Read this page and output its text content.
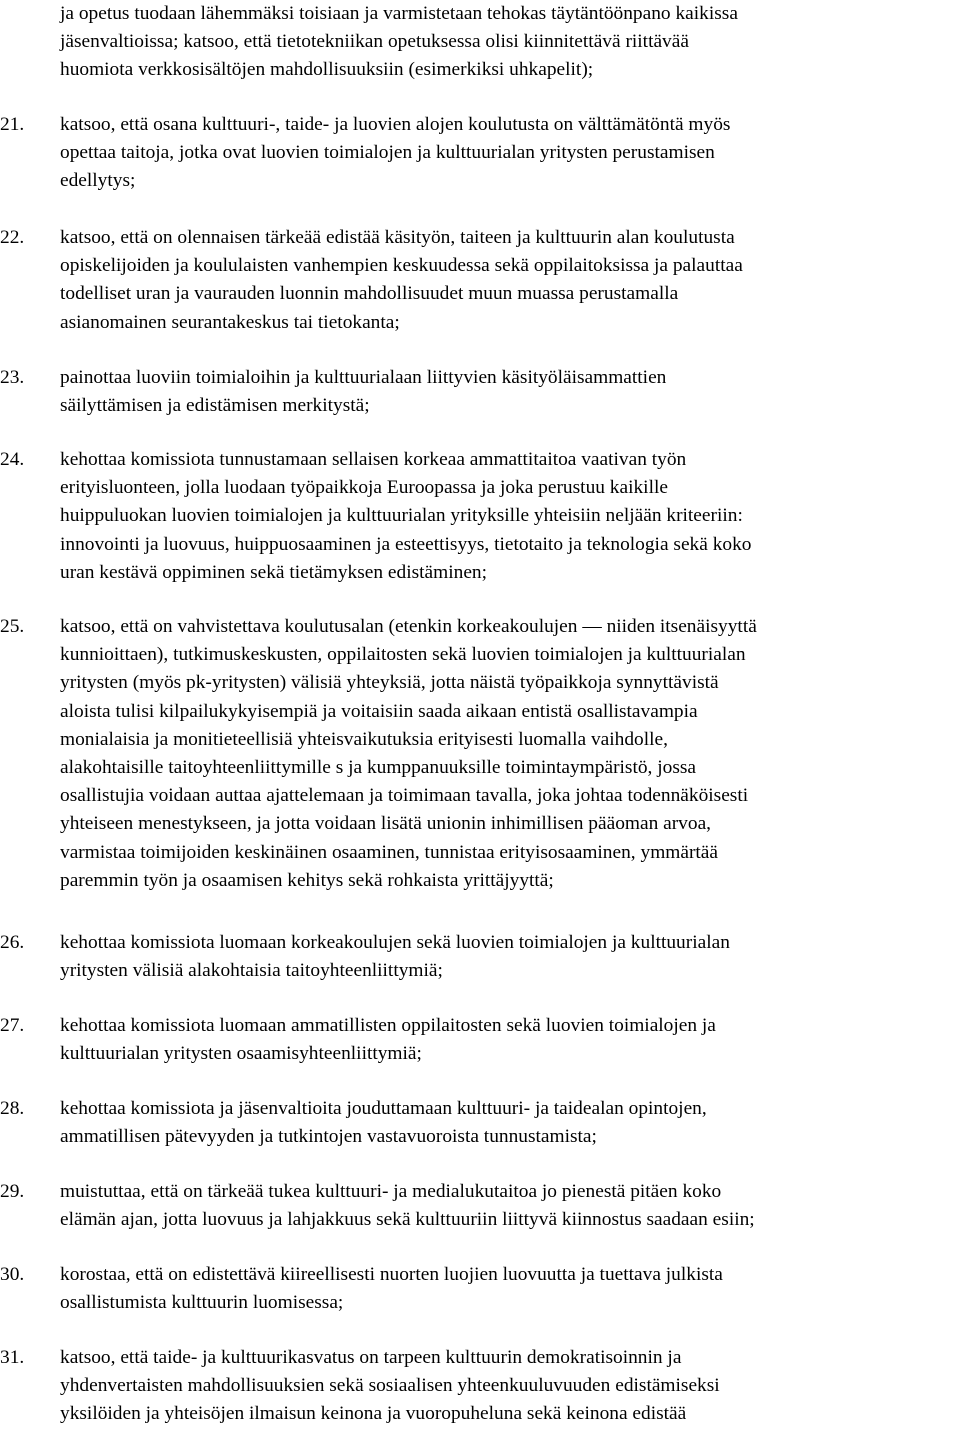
ja opetus tuodaan lähemmäksi toisiaan ja varmistetaan tehokas täytäntöönpano kaikissa
jäsenvaltioissa; katsoo, että tietotekniikan opetuksessa olisi kiinnitettävä riittävää
huomiota verkkosisältöjen mahdollisuuksiin (esimerkiksi uhkapelit);
21.	katsoo, että osana kulttuuri-, taide- ja luovien alojen koulutusta on välttämätöntä myös
opettaa taitoja, jotka ovat luovien toimialojen ja kulttuurialan yritysten perustamisen
edellytys;
22.	katsoo, että on olennaisen tärkeää edistää käsityön, taiteen ja kulttuurin alan koulutusta
opiskelijoiden ja koululaisten vanhempien keskuudessa sekä oppilaitoksissa ja palauttaa
todelliset uran ja vaurauden luonnin mahdollisuudet muun muassa perustamalla
asianomainen seurantakeskus tai tietokanta;
23.	painottaa luoviin toimialoihin ja kulttuurialaan liittyvien käsityöläisammattien
säilyttämisen ja edistämisen merkitystä;
24.	kehottaa komissiota tunnustamaan sellaisen korkeaa ammattitaitoa vaativan työn
erityisluonteen, jolla luodaan työpaikkoja Euroopassa ja joka perustuu kaikille
huippuluokan luovien toimialojen ja kulttuurialan yrityksille yhteisiin neljään kriteeriin:
innovointi ja luovuus, huippuosaaminen ja esteettisyys, tietotaito ja teknologia sekä koko
uran kestävä oppiminen sekä tietämyksen edistäminen;
25.	katsoo, että on vahvistettava koulutusalan (etenkin korkeakoulujen — niiden itsenäisyyttä
kunnioittaen), tutkimuskeskusten, oppilaitosten sekä luovien toimialojen ja kulttuurialan
yritysten (myös pk-yritysten) välisiä yhteyksiä, jotta näistä työpaikkoja synnyttävistä
aloista tulisi kilpailukykyisempiä ja voitaisiin saada aikaan entistä osallistavampia
monialaisia ja monitieteellisiä yhteisvaikutuksia erityisesti luomalla vaihdolle,
alakohtaisille taitoyhteenliittymille s ja kumppanuuksille toimintaympäristö, jossa
osallistujia voidaan auttaa ajattelemaan ja toimimaan tavalla, joka johtaa todennäköisesti
yhteiseen menestykseen, ja jotta voidaan lisätä unionin inhimillisen pääoman arvoa,
varmistaa toimijoiden keskinäinen osaaminen, tunnistaa erityisosaaminen, ymmärtää
paremmin työn ja osaamisen kehitys sekä rohkaista yrittäjyyttä;
26.	kehottaa komissiota luomaan korkeakoulujen sekä luovien toimialojen ja kulttuurialan
yritysten välisiä alakohtaisia taitoyhteenliittymiä;
27.	kehottaa komissiota luomaan ammatillisten oppilaitosten sekä luovien toimialojen ja
kulttuurialan yritysten osaamisyhteenliittymiä;
28.	kehottaa komissiota ja jäsenvaltioita jouduttamaan kulttuuri- ja taidealan opintojen,
ammatillisen pätevyyden ja tutkintojen vastavuoroista tunnustamista;
29.	muistuttaa, että on tärkeää tukea kulttuuri- ja medialukutaitoa jo pienestä pitäen koko
elämän ajan, jotta luovuus ja lahjakkuus sekä kulttuuriin liittyvä kiinnostus saadaan esiin;
30.	korostaa, että on edistettävä kiireellisesti nuorten luojien luovuutta ja tuettava julkista
osallistumista kulttuurin luomisessa;
31.	katsoo, että taide- ja kulttuurikasvatus on tarpeen kulttuurin demokratisoinnin ja
yhdenvertaisten mahdollisuuksien sekä sosiaalisen yhteenkuuluvuuden edistämiseksi
yksilöiden ja yhteisöjen ilmaisun keinona ja vuoropuheluna sekä keinona edistää
